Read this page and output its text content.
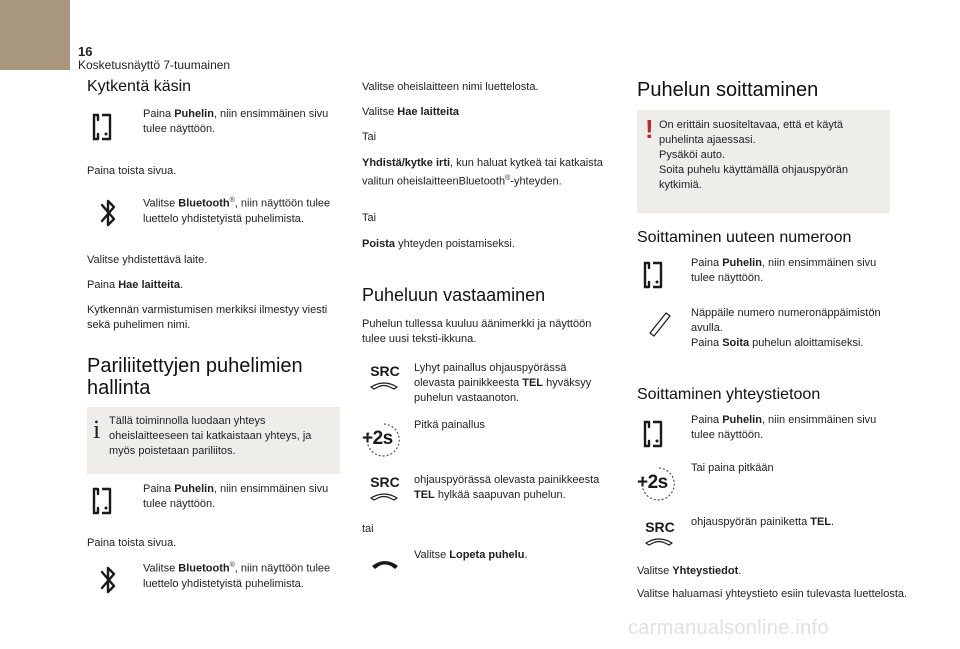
16
Kosketusnäyttö 7-tuumainen
Kytkentä käsin
Paina Puhelin, niin ensimmäinen sivu tulee näyttöön.
Paina toista sivua.
Valitse Bluetooth®, niin näyttöön tulee luettelo yhdistetyistä puhelimista.
Valitse yhdistettävä laite.
Paina Hae laitteita.
Kytkennän varmistumisen merkiksi ilmestyy viesti sekä puhelimen nimi.
Pariliitettyjen puhelimien hallinta
i Tällä toiminnolla luodaan yhteys oheislaitteeseen tai katkaistaan yhteys, ja myös poistetaan pariliitos.
Paina Puhelin, niin ensimmäinen sivu tulee näyttöön.
Paina toista sivua.
Valitse Bluetooth®, niin näyttöön tulee luettelo yhdistetyistä puhelimista.
Valitse oheislaitteen nimi luettelosta.
Valitse Hae laitteita
Tai
Yhdistä/kytke irti, kun haluat kytkeä tai katkaista valitun oheislaitteenBluetooth®-yhteyden.
Tai
Poista yhteyden poistamiseksi.
Puheluun vastaaminen
Puhelun tullessa kuuluu äänimerkki ja näyttöön tulee uusi teksti-ikkuna.
SRC Lyhyt painallus ohjauspyörässä olevasta painikkeesta TEL hyväksyy puhelun vastaanoton.
+2s
Pitkä painallus
SRC ohjauspyörässä olevasta painikkeesta TEL hylkää saapuvan puhelun.
tai
Valitse Lopeta puhelu.
Puhelun soittaminen
! On erittäin suositeltavaa, että et käytä puhelinta ajaessasi.
Pysäköi auto.
Soita puhelu käyttämällä ohjauspyörän kytkimiä.
Soittaminen uuteen numeroon
Paina Puhelin, niin ensimmäinen sivu tulee näyttöön.
Näppäile numero numeronäppäimistön avulla.
Paina Soita puhelun aloittamiseksi.
Soittaminen yhteystietoon
Paina Puhelin, niin ensimmäinen sivu tulee näyttöön.
+2s
Tai paina pitkään
SRC ohjauspyörän painiketta TEL.
Valitse Yhteystiedot.
Valitse haluamasi yhteystieto esiin tulevasta luettelosta.
carmanualsonline.info
